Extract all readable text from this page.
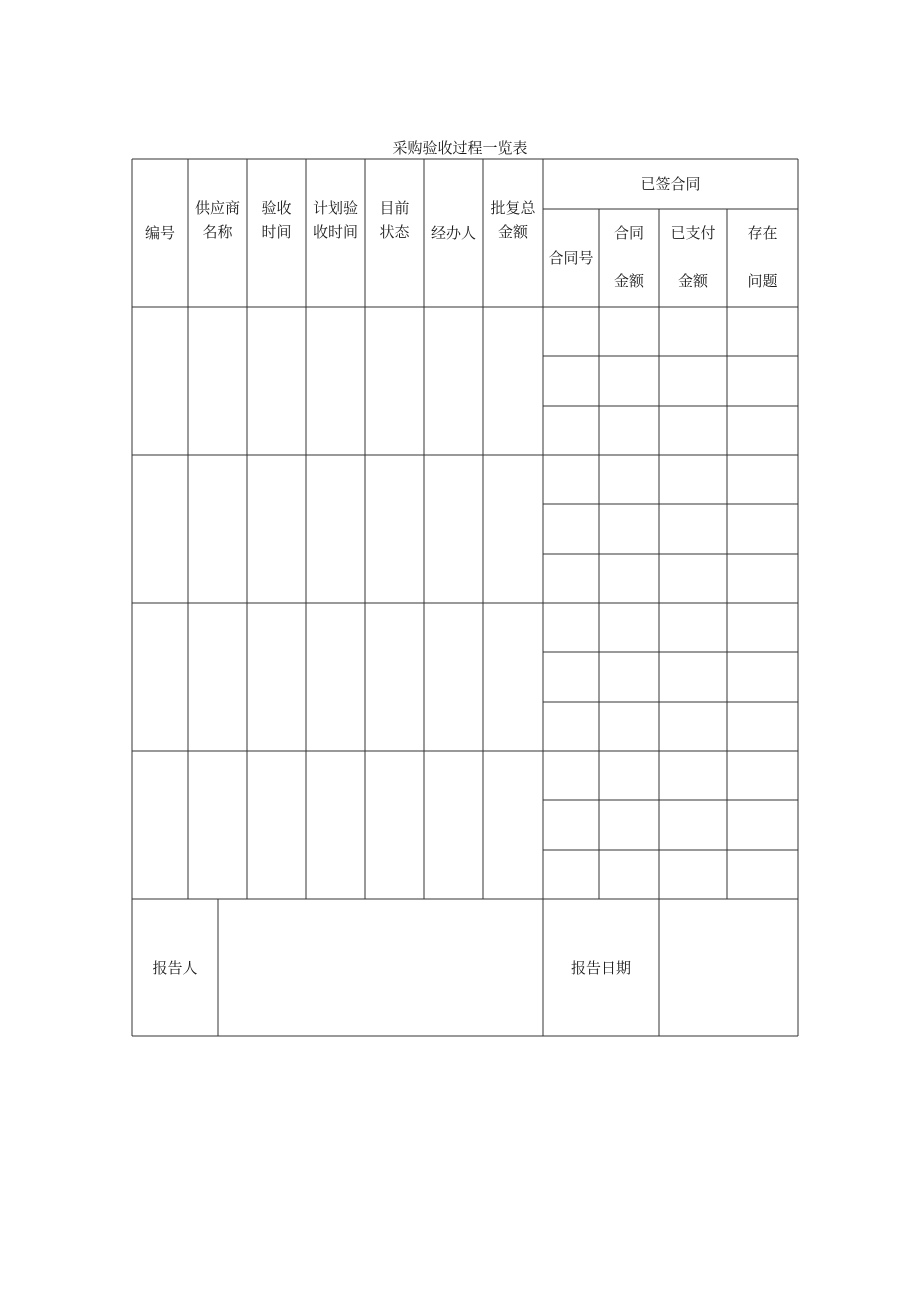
采购验收过程一览表
编号
供应商
名称
验收
时间
计划验
收时间
目前
状态	经办人
批复总
金额
已签合同
合同号
合同
金额
已支付
金额
存在
问题
报告人	报告日期
